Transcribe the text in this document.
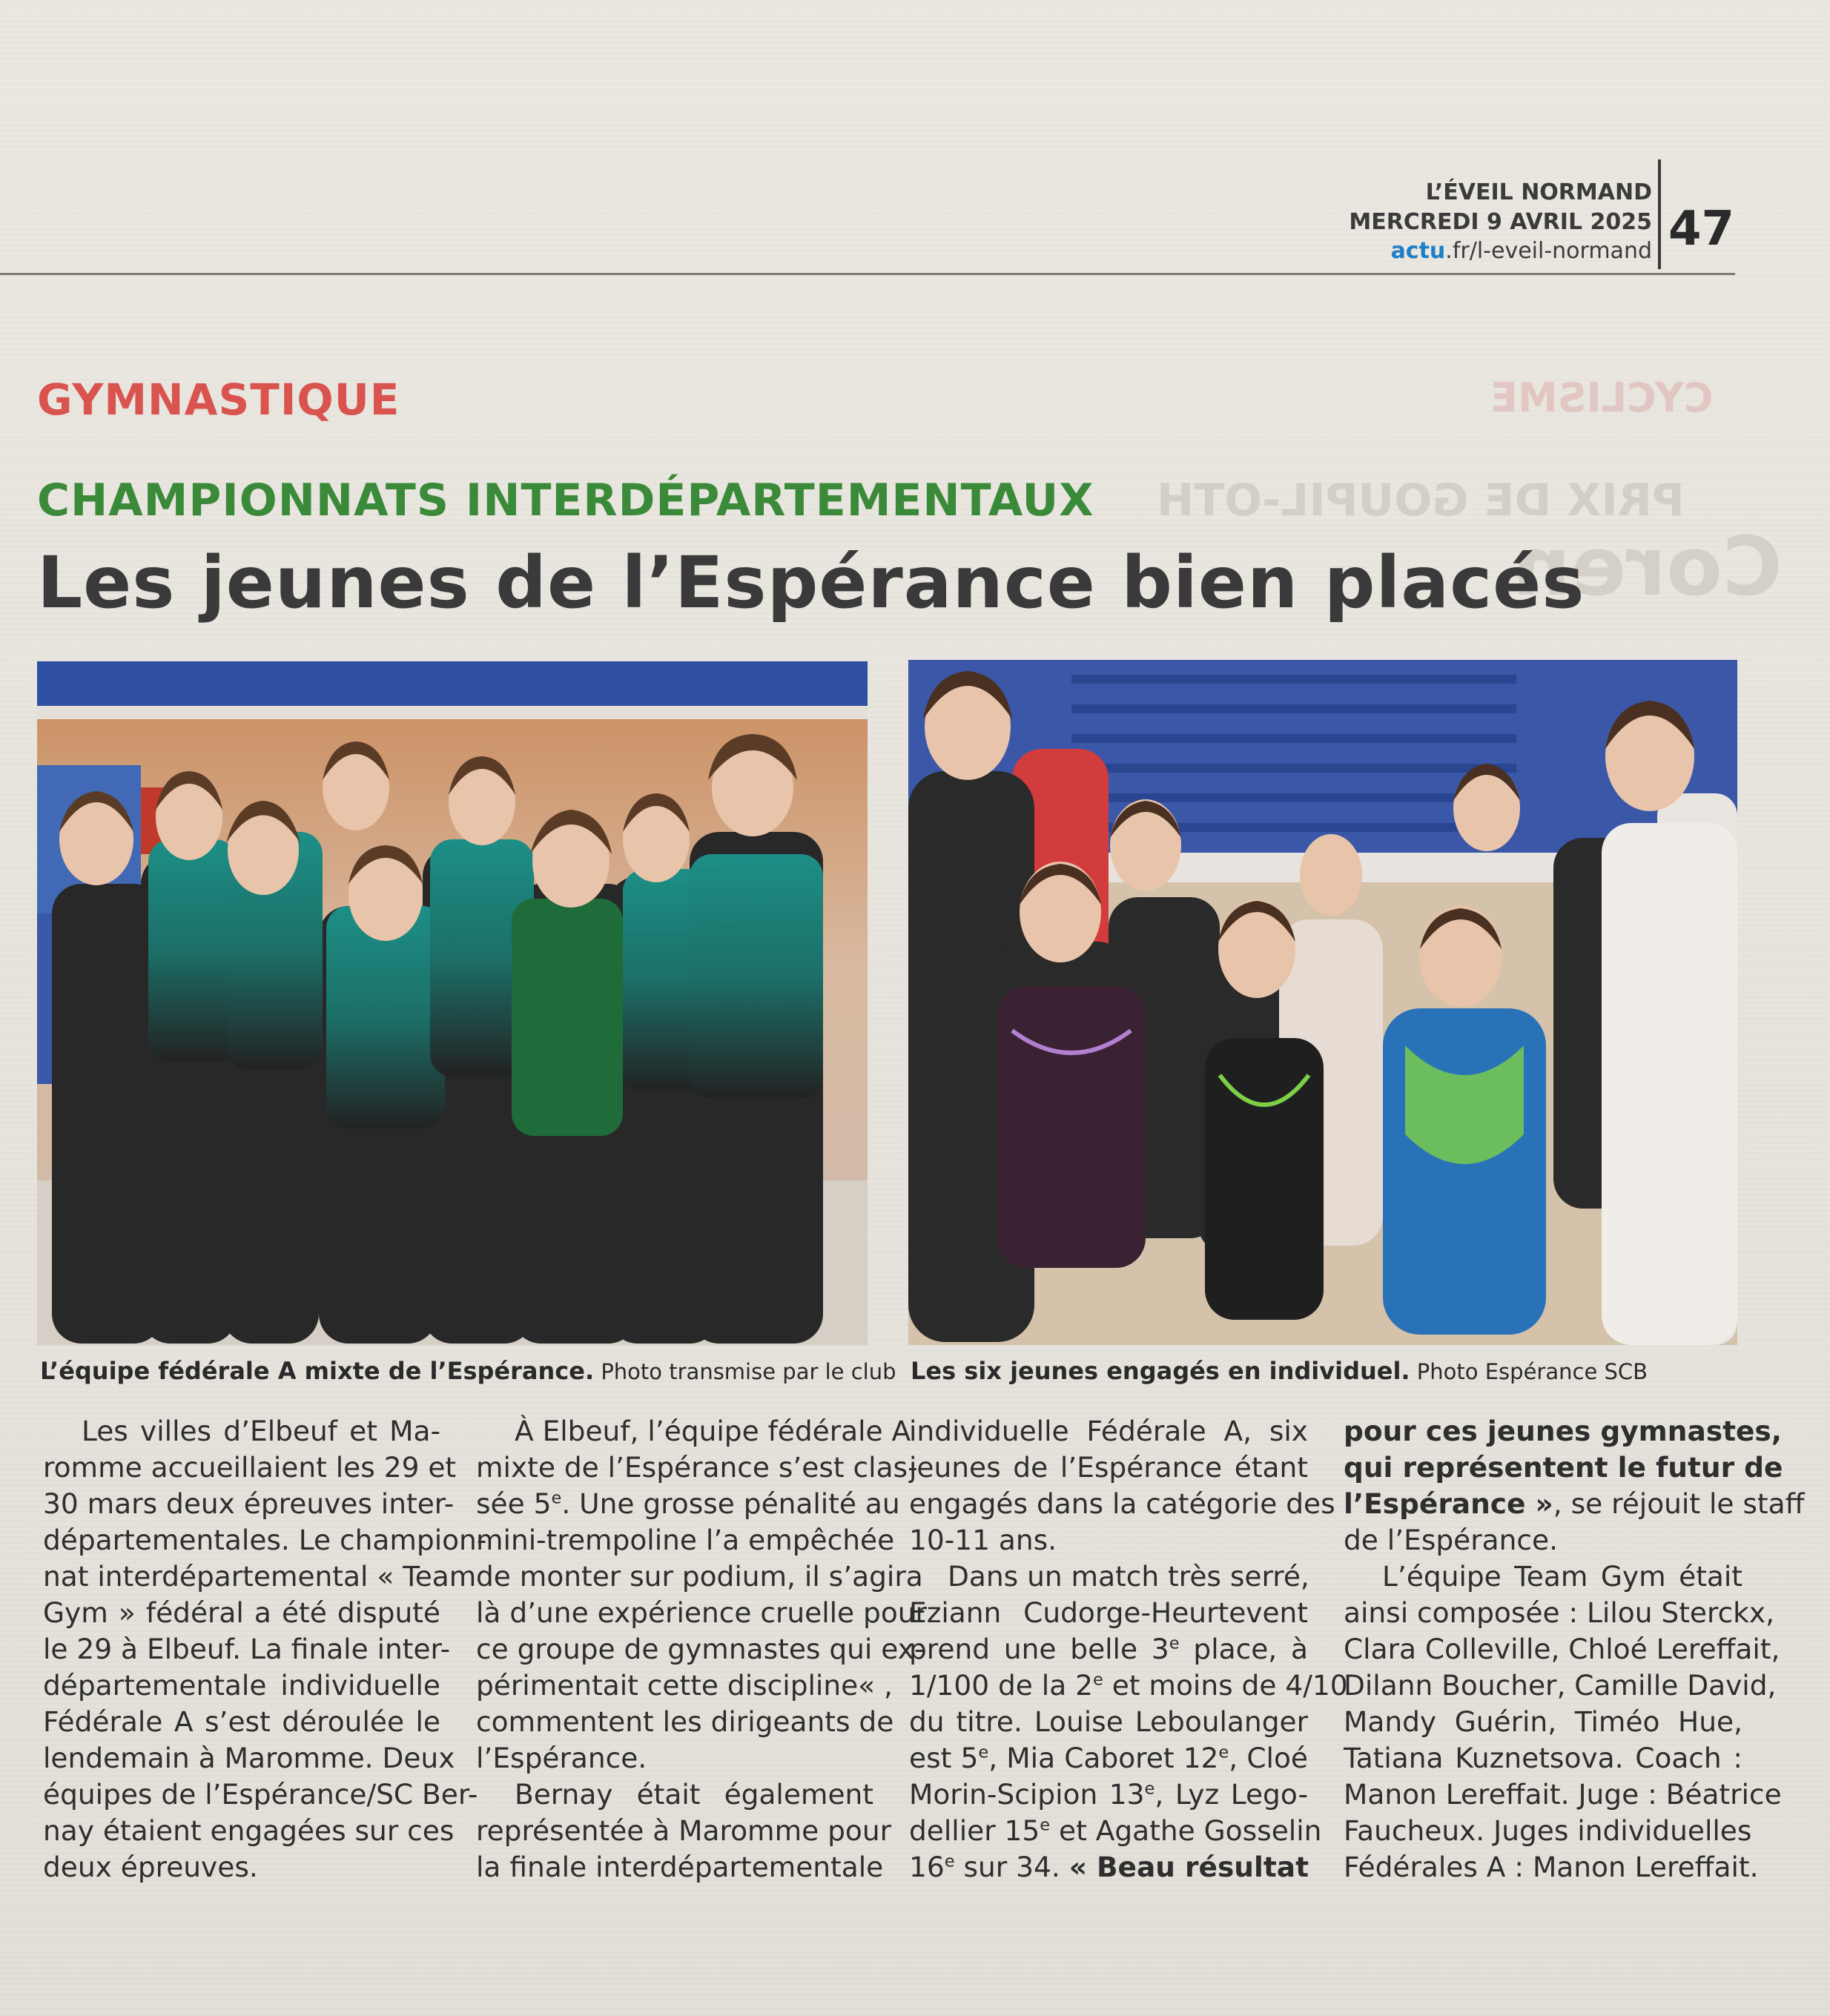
CYCLISME
PRIX DE GOUPIL-OTH
Coren
L’ÉVEIL NORMAND
MERCREDI 9 AVRIL 2025
actu.fr/l-eveil-normand 47
GYMNASTIQUE
CHAMPIONNATS INTERDÉPARTEMENTAUX
Les jeunes de l’Espérance bien placés
L’équipe fédérale A mixte de l’Espérance. Photo transmise par le club Les six jeunes engagés en individuel. Photo Espérance SCB
Les villes d’Elbeuf et Ma-
romme accueillaient les 29 et
30 mars deux épreuves inter-
départementales. Le champion-
nat interdépartemental « Team
Gym » fédéral a été disputé
le 29 à Elbeuf. La finale inter-
départementale individuelle
Fédérale A s’est déroulée le
lendemain à Maromme. Deux
équipes de l’Espérance/SC Ber-
nay étaient engagées sur ces
deux épreuves.
À Elbeuf, l’équipe fédérale A
mixte de l’Espérance s’est clas-
sée 5e. Une grosse pénalité au
mini-trempoline l’a empêchée
de monter sur podium, il s’agira
là d’une expérience cruelle pour
ce groupe de gymnastes qui ex-
périmentait cette discipline« ,
commentent les dirigeants de
l’Espérance.
Bernay était également
représentée à Maromme pour
la finale interdépartementale
individuelle Fédérale A, six
jeunes de l’Espérance étant
engagés dans la catégorie des
10-11 ans.
Dans un match très serré,
Eziann Cudorge-Heurtevent
prend une belle 3e place, à
1/100 de la 2e et moins de 4/10
du titre. Louise Leboulanger
est 5e, Mia Caboret 12e, Cloé
Morin-Scipion 13e, Lyz Lego-
dellier 15e et Agathe Gosselin
16e sur 34. « Beau résultat
pour ces jeunes gymnastes,
qui représentent le futur de
l’Espérance », se réjouit le staff
de l’Espérance.
L’équipe Team Gym était
ainsi composée : Lilou Sterckx,
Clara Colleville, Chloé Lereffait,
Dilann Boucher, Camille David,
Mandy Guérin, Timéo Hue,
Tatiana Kuznetsova. Coach :
Manon Lereffait. Juge : Béatrice
Faucheux. Juges individuelles
Fédérales A : Manon Lereffait.
